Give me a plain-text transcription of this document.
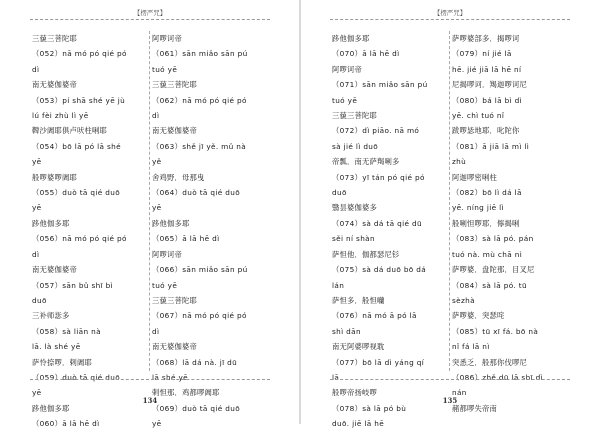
【楞严咒】
三藐三菩陀耶
（052）nā mó pó qié pó
dì
南无婆伽婆帝
（053）pí shā shé yē jù
lú fèi zhù lì yē
鞞沙阇耶俱卢吠柱唎耶
（054）bō lā pó lā shé
yē
般啰婆啰阇耶
（055）duò tā qié duō
yē
跢他伽多耶
（056）nā mó pó qié pó
dì
南无婆伽婆帝
（057）sān bǔ shī bì
duō
三补师毖多
（058）sà liān nà
lā. là shé yē
萨怜捺啰．剌阇耶
（059）duò tā qié duō
yē
跢他伽多耶
（060）ā lā hē dì
阿啰诃帝
（061）sān miǎo sān pú
tuó yē
三藐三菩陀耶
（062）nā mó pó qié pó
dì
南无婆伽婆帝
（063）shě jī yě. mǔ nà
yě
舍鸡野．母那曳
（064）duò tā qié duō
yē
跢他伽多耶
（065）ā lā hē dì
阿啰诃帝
（066）sān miǎo sān pú
tuó yē
三藐三菩陀耶
（067）nā mó pó qié pó
dì
南无婆伽婆帝
（068）lā dá nà. jī dū
lā shé yē
剌怛那．鸡都啰阇耶
（069）duò tā qié duō
yē
134
【楞严咒】
跢他伽多耶
（070）ā lā hē dì
阿啰诃帝
（071）sān miǎo sān pú
tuó yē
三藐三菩陀耶
（072）dì piāo. nā mó
sà jié lì duō
帝瓢．南无萨羯唎多
（073）yī tán pó qié pó
duō
翳昙婆伽婆多
（074）sà dá tā qié dū
sěi ní shàn
萨怛他．伽都瑟尼钐
（075）sà dá duō bō dá
lán
萨怛多．般怛囒
（076）nā mó ā pó lā
shì dān
南无阿婆啰视耽
（077）bō lā dì yáng qí
lā
般啰帝扬岐啰
（078）sà lā pó bù
duō. jiē lā hē
萨啰婆部多．揭啰诃
（079）ní jié lā
hē. jié jiā lā hē ní
尼揭啰诃．羯迦啰诃尼
（080）bá lā bì dì
yē. chì tuó nǐ
跋啰毖地耶．叱陀你
（081）ā jiā lā mì lì
zhù
阿迦啰密唎柱
（082）bō lì dá lā
yē. níng jiē lì
般唎怛啰耶．儜揭唎
（083）sà lā pó. pán
tuó nà. mù chā nì
萨啰婆．盘陀那．目叉尼
（084）sà lā pó. tū
sèzhà
萨啰婆．突瑟咤
（085）tū xī fá. bō nà
nǐ fá lā nì
突悉乏．般那你伐啰尼
（086）zhě dū lā shī dì
nán
赭都啰失帝南
135
